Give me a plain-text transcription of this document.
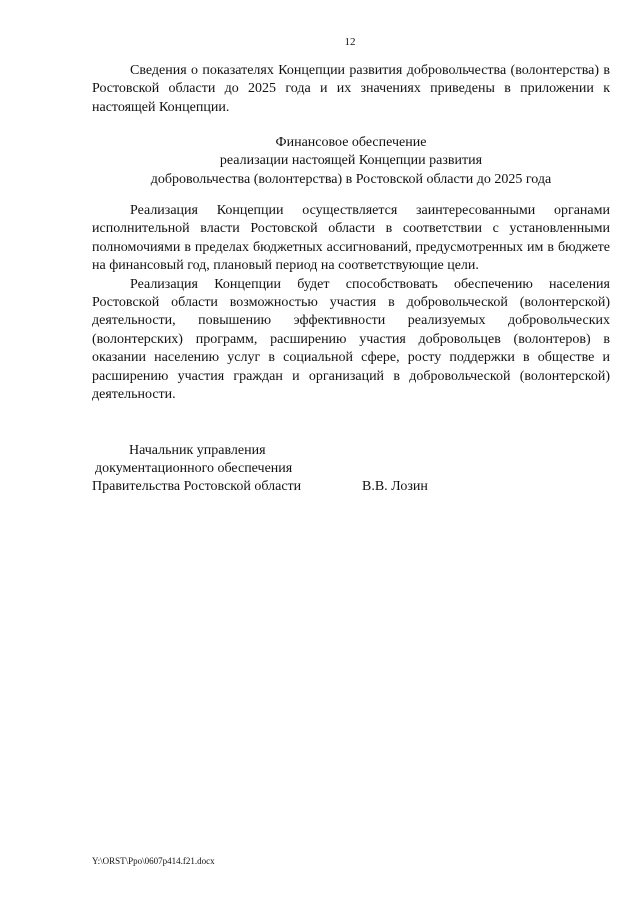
12

Сведения о показателях Концепции развития добровольчества (волонтерства) в Ростовской области до 2025 года и их значениях приведены в приложении к настоящей Концепции.

Финансовое обеспечение
реализации настоящей Концепции развития
добровольчества (волонтерства) в Ростовской области до 2025 года

Реализация Концепции осуществляется заинтересованными органами исполнительной власти Ростовской области в соответствии с установленными полномочиями в пределах бюджетных ассигнований, предусмотренных им в бюджете на финансовый год, плановый период на соответствующие цели.

Реализация Концепции будет способствовать обеспечению населения Ростовской области возможностью участия в добровольческой (волонтерской) деятельности, повышению эффективности реализуемых добровольческих (волонтерских) программ, расширению участия добровольцев (волонтеров) в оказании населению услуг в социальной сфере, росту поддержки в обществе и расширению участия граждан и организаций в добровольческой (волонтерской) деятельности.

Начальник управления
документационного обеспечения
Правительства Ростовской области	В.В. Лозин
Y:\ORST\Ppo\0607p414.f21.docx
